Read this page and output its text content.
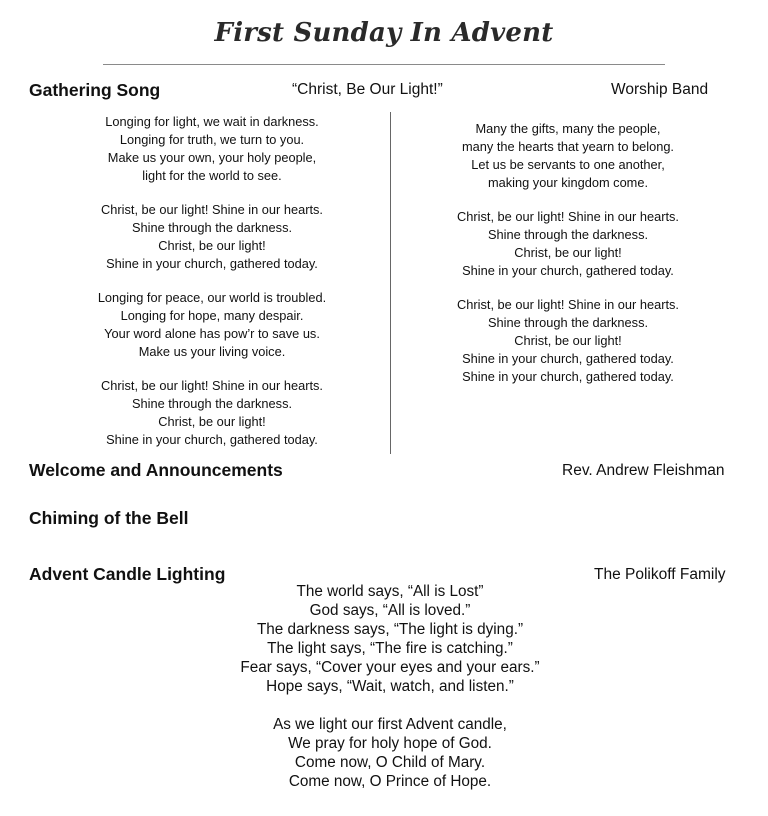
First Sunday In Advent
Gathering Song	“Christ, Be Our Light!”	Worship Band
Longing for light, we wait in darkness.
Longing for truth, we turn to you.
Make us your own, your holy people,
light for the world to see.
Christ, be our light! Shine in our hearts.
Shine through the darkness.
Christ, be our light!
Shine in your church, gathered today.
Longing for peace, our world is troubled.
Longing for hope, many despair.
Your word alone has pow’r to save us.
Make us your living voice.
Christ, be our light! Shine in our hearts.
Shine through the darkness.
Christ, be our light!
Shine in your church, gathered today.
Many the gifts, many the people,
many the hearts that yearn to belong.
Let us be servants to one another,
making your kingdom come.
Christ, be our light! Shine in our hearts.
Shine through the darkness.
Christ, be our light!
Shine in your church, gathered today.
Christ, be our light! Shine in our hearts.
Shine through the darkness.
Christ, be our light!
Shine in your church, gathered today.
Shine in your church, gathered today.
Welcome and Announcements	Rev. Andrew Fleishman
Chiming of the Bell
Advent Candle Lighting	The Polikoff Family
The world says, “All is Lost”
God says, “All is loved.”
The darkness says, “The light is dying.”
The light says, “The fire is catching.”
Fear says, “Cover your eyes and your ears.”
Hope says, “Wait, watch, and listen.”
As we light our first Advent candle,
We pray for holy hope of God.
Come now, O Child of Mary.
Come now, O Prince of Hope.
